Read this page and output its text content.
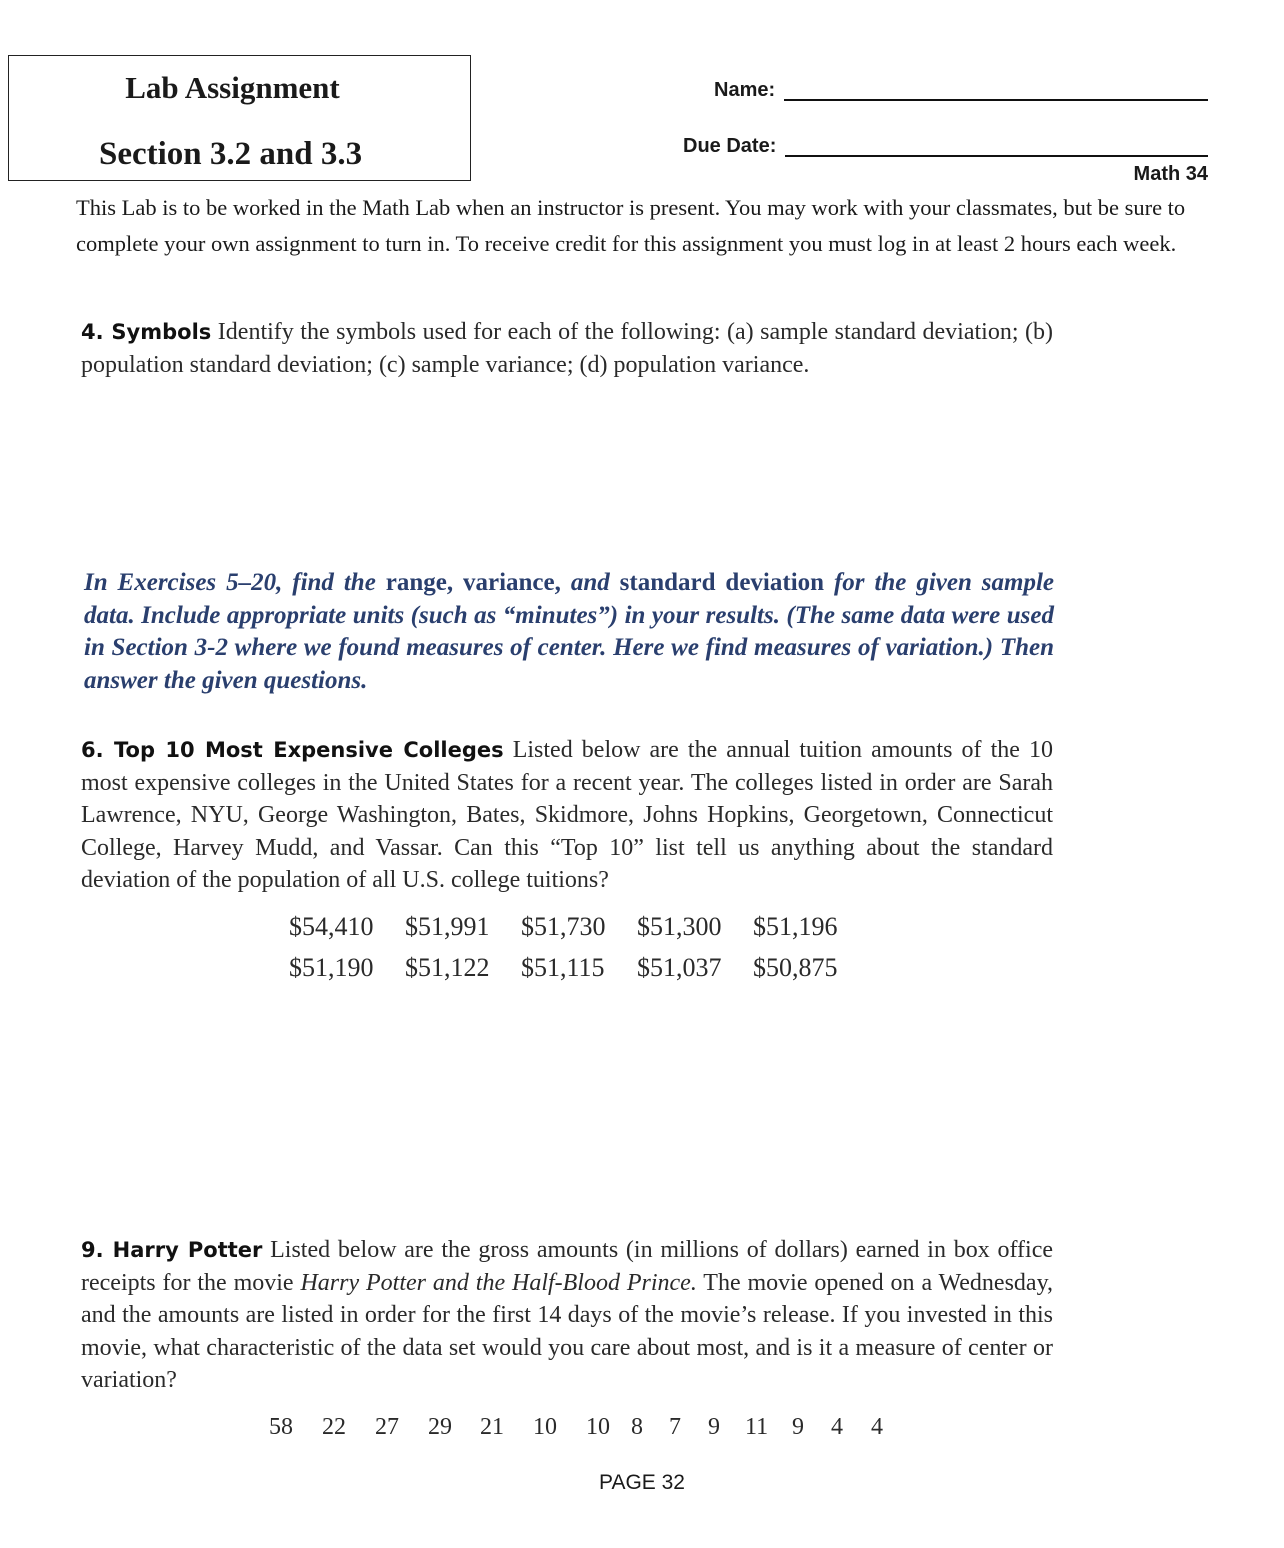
Lab Assignment
Section 3.2 and 3.3
Name:
Due Date:
Math 34
This Lab is to be worked in the Math Lab when an instructor is present. You may work with your classmates, but be sure to complete your own assignment to turn in. To receive credit for this assignment you must log in at least 2 hours each week.
4. Symbols Identify the symbols used for each of the following: (a) sample standard deviation; (b) population standard deviation; (c) sample variance; (d) population variance.
In Exercises 5–20, find the range, variance, and standard deviation for the given sample data. Include appropriate units (such as “minutes”) in your results. (The same data were used in Section 3-2 where we found measures of center. Here we find measures of variation.) Then answer the given questions.
6. Top 10 Most Expensive Colleges Listed below are the annual tuition amounts of the 10 most expensive colleges in the United States for a recent year. The colleges listed in order are Sarah Lawrence, NYU, George Washington, Bates, Skidmore, Johns Hopkins, Georgetown, Connecticut College, Harvey Mudd, and Vassar. Can this “Top 10” list tell us anything about the standard deviation of the population of all U.S. college tuitions?
$54,410	$51,991	$51,730	$51,300	$51,196
$51,190	$51,122	$51,115	$51,037	$50,875
9. Harry Potter Listed below are the gross amounts (in millions of dollars) earned in box office receipts for the movie Harry Potter and the Half-Blood Prince. The movie opened on a Wednesday, and the amounts are listed in order for the first 14 days of the movie’s release. If you invested in this movie, what characteristic of the data set would you care about most, and is it a measure of center or variation?
58	22	27	29	21	10	10 8	7	9	11 9	4	4
PAGE 32
